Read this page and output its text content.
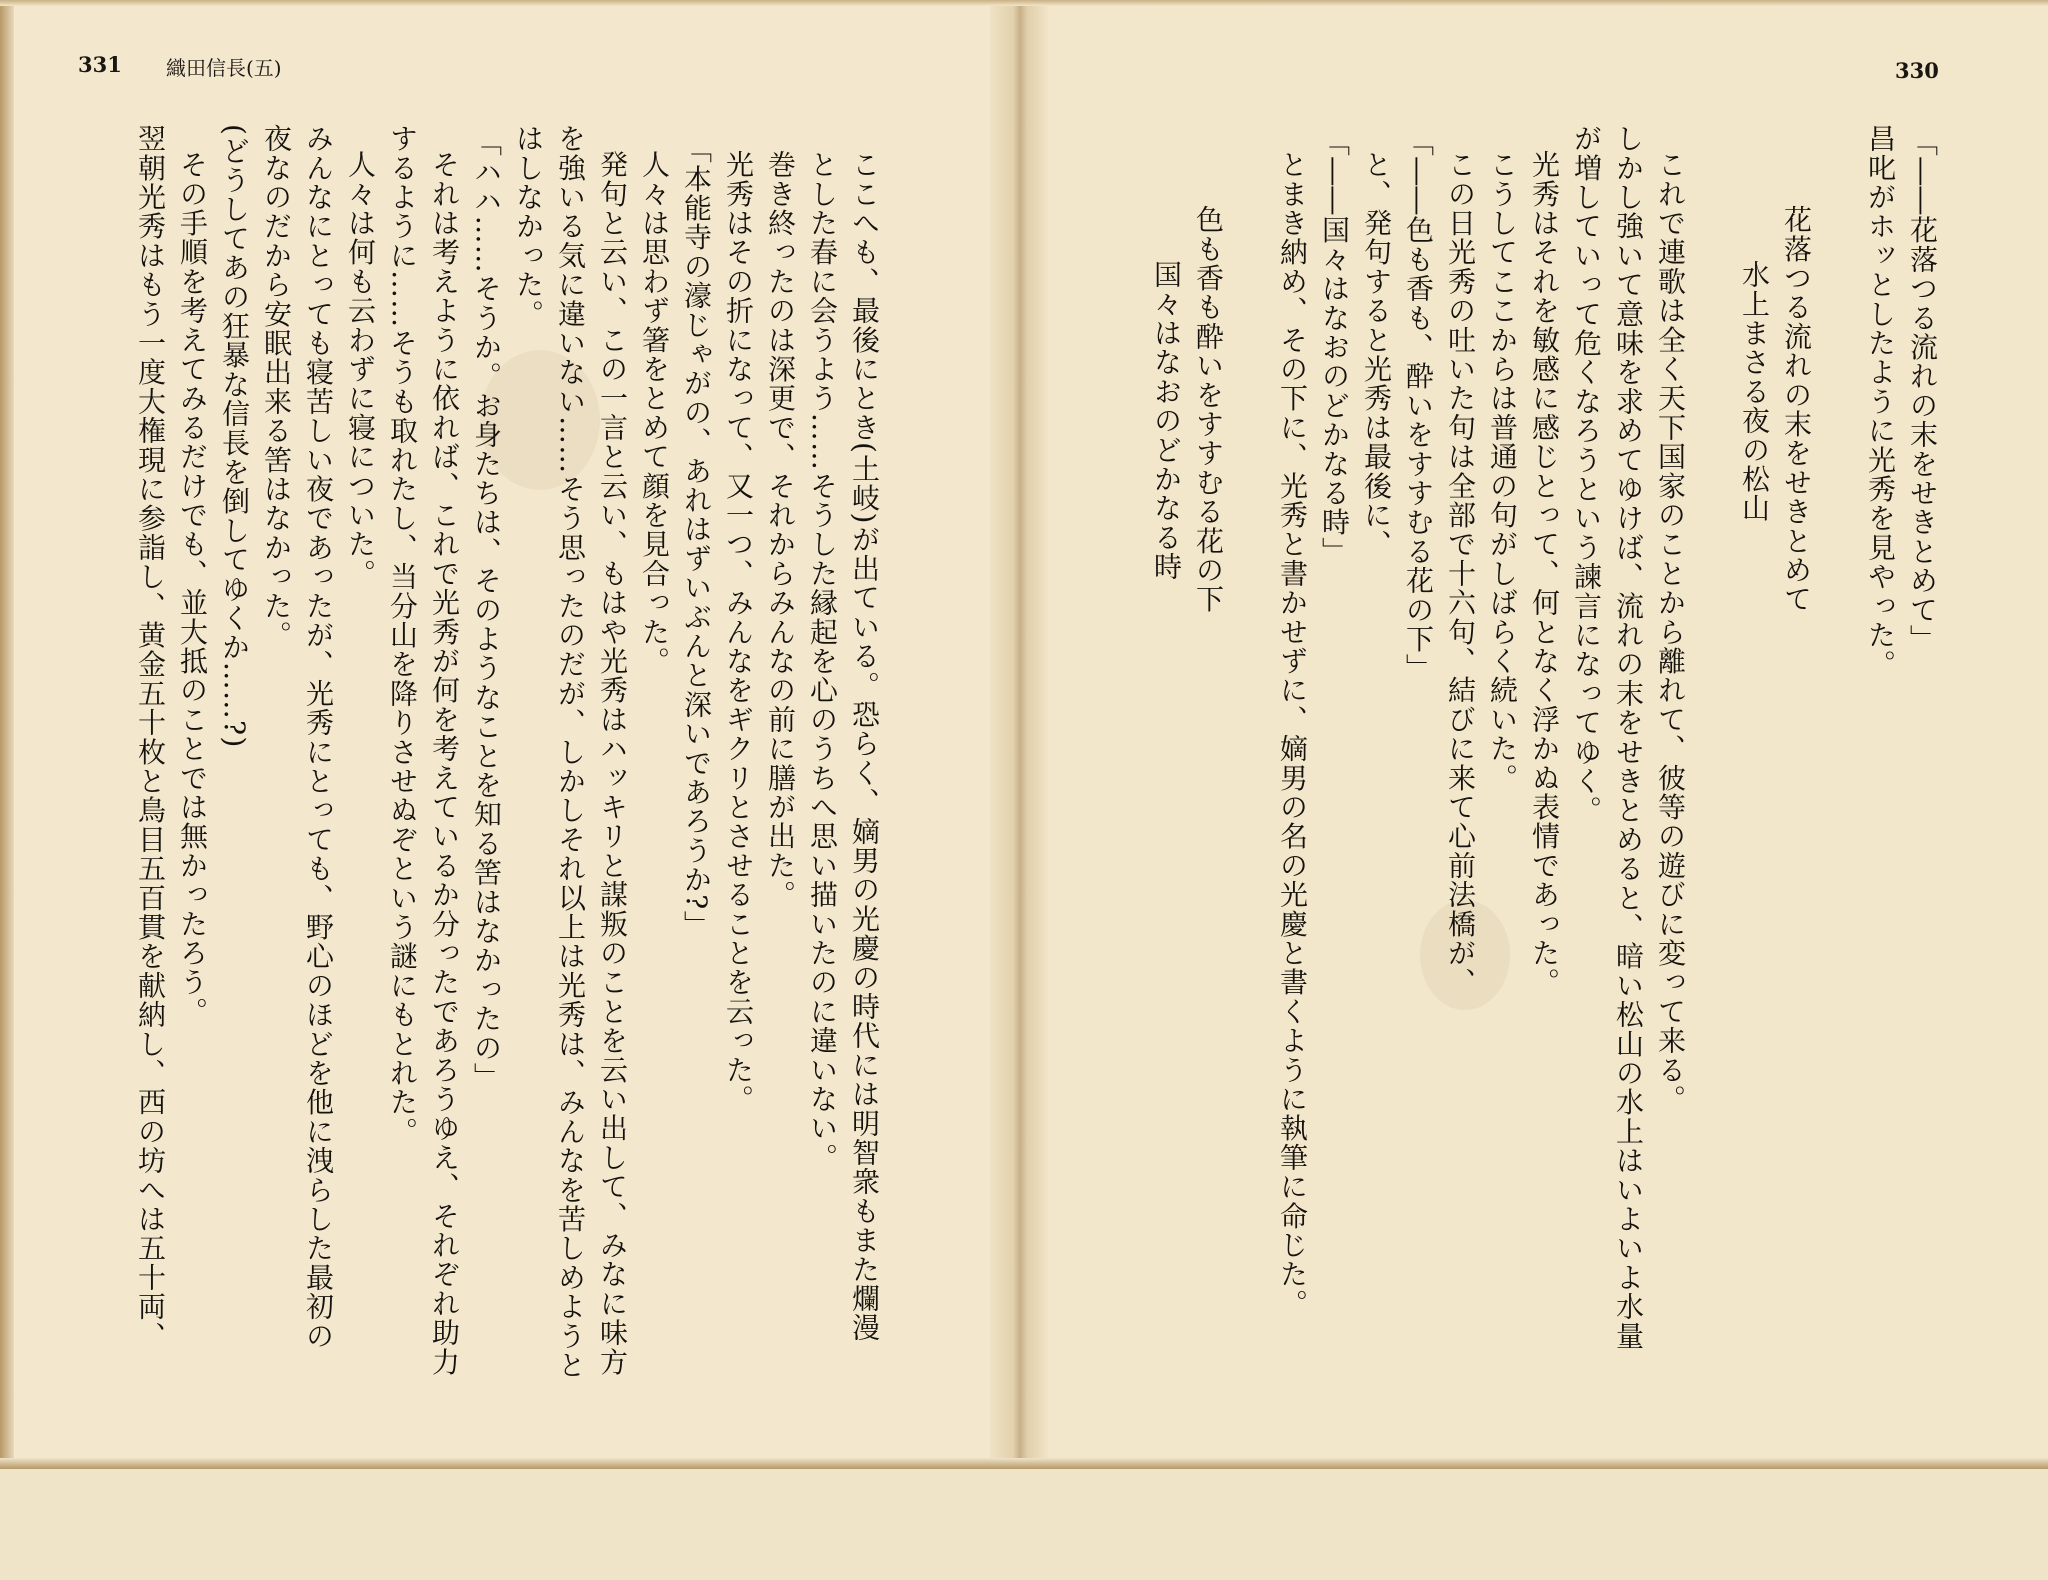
331 織田信長(五)	330
ここへも、最後にとき(土岐)が出ている。恐らく、嫡男の光慶の時代には明智衆もまた爛漫
とした春に会うよう……そうした縁起を心のうちへ思い描いたのに違いない。
巻き終ったのは深更で、それからみんなの前に膳が出た。
光秀はその折になって、又一つ、みんなをギクリとさせることを云った。
「本能寺の濠じゃがの、あれはずいぶんと深いであろうか?」
人々は思わず箸をとめて顔を見合った。
発句と云い、この一言と云い、もはや光秀はハッキリと謀叛のことを云い出して、みなに味方
を強いる気に違いない……そう思ったのだが、しかしそれ以上は光秀は、みんなを苦しめようと
はしなかった。
「ハハ……そうか。お身たちは、そのようなことを知る筈はなかったの」
それは考えように依れば、これで光秀が何を考えているか分ったであろうゆえ、それぞれ助力
するように……そうも取れたし、当分山を降りさせぬぞという謎にもとれた。
人々は何も云わずに寝についた。
みんなにとっても寝苦しい夜であったが、光秀にとっても、野心のほどを他に洩らした最初の
夜なのだから安眠出来る筈はなかった。
(どうしてあの狂暴な信長を倒してゆくか……?)
その手順を考えてみるだけでも、並大抵のことでは無かったろう。
翌朝光秀はもう一度大権現に参詣し、黄金五十枚と鳥目五百貫を献納し、西の坊へは五十両、	「――花落つる流れの末をせきとめて」
昌叱がホッとしたように光秀を見やった。
花落つる流れの末をせきとめて
水上まさる夜の松山
これで連歌は全く天下国家のことから離れて、彼等の遊びに変って来る。
しかし強いて意味を求めてゆけば、流れの末をせきとめると、暗い松山の水上はいよいよ水量
が増していって危くなろうという諫言になってゆく。
光秀はそれを敏感に感じとって、何となく浮かぬ表情であった。
こうしてここからは普通の句がしばらく続いた。
この日光秀の吐いた句は全部で十六句、結びに来て心前法橋が、
「――色も香も、酔いをすすむる花の下」
と、発句すると光秀は最後に、
「――国々はなおのどかなる時」
とまき納め、その下に、光秀と書かせずに、嫡男の名の光慶と書くように執筆に命じた。
色も香も酔いをすすむる花の下
国々はなおのどかなる時
